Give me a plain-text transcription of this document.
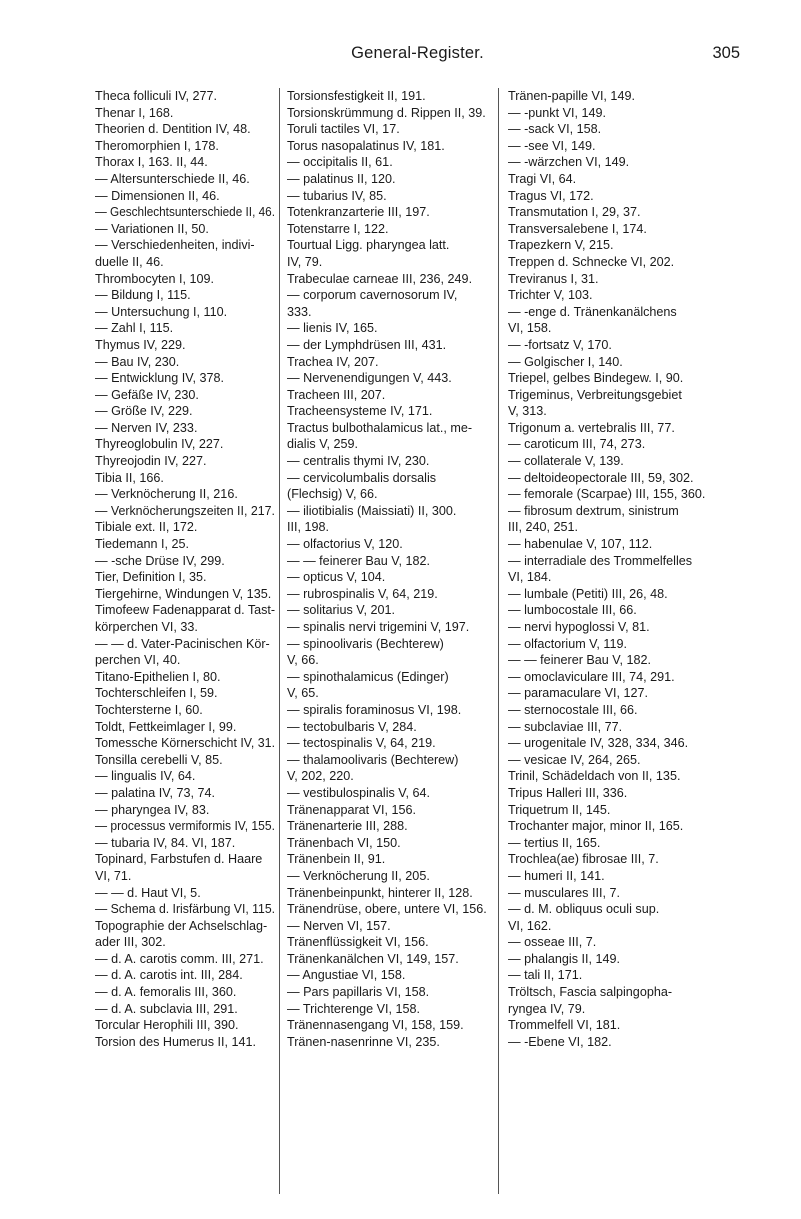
General-Register.	305
Theca folliculi IV, 277.
Thenar I, 168.
Theorien d. Dentition IV, 48.
Theromorphien I, 178.
Thorax I, 163. II, 44.
— Altersunterschiede II, 46.
— Dimensionen II, 46.
— Geschlechtsunterschiede II, 46.
— Variationen II, 50.
— Verschiedenheiten, indivi-
duelle II, 46.
Thrombocyten I, 109.
— Bildung I, 115.
— Untersuchung I, 110.
— Zahl I, 115.
Thymus IV, 229.
— Bau IV, 230.
— Entwicklung IV, 378.
— Gefäße IV, 230.
— Größe IV, 229.
— Nerven IV, 233.
Thyreoglobulin IV, 227.
Thyreojodin IV, 227.
Tibia II, 166.
— Verknöcherung II, 216.
— Verknöcherungszeiten II, 217.
Tibiale ext. II, 172.
Tiedemann I, 25.
— -sche Drüse IV, 299.
Tier, Definition I, 35.
Tiergehirne, Windungen V, 135.
Timofeew Fadenapparat d. Tast-
körperchen VI, 33.
— — d. Vater-Pacinischen Kör-
perchen VI, 40.
Titano-Epithelien I, 80.
Tochterschleifen I, 59.
Tochtersterne I, 60.
Toldt, Fettkeimlager I, 99.
Tomessche Körnerschicht IV, 31.
Tonsilla cerebelli V, 85.
— lingualis IV, 64.
— palatina IV, 73, 74.
— pharyngea IV, 83.
— processus vermiformis IV, 155.
— tubaria IV, 84. VI, 187.
Topinard, Farbstufen d. Haare
VI, 71.
— — d. Haut VI, 5.
— Schema d. Irisfärbung VI, 115.
Topographie der Achselschlag-
ader III, 302.
— d. A. carotis comm. III, 271.
— d. A. carotis int. III, 284.
— d. A. femoralis III, 360.
— d. A. subclavia III, 291.
Torcular Herophili III, 390.
Torsion des Humerus II, 141.
Torsionsfestigkeit II, 191.
Torsionskrümmung d. Rippen II, 39.
Toruli tactiles VI, 17.
Torus nasopalatinus IV, 181.
— occipitalis II, 61.
— palatinus II, 120.
— tubarius IV, 85.
Totenkranzarterie III, 197.
Totenstarre I, 122.
Tourtual Ligg. pharyngea latt.
IV, 79.
Trabeculae carneae III, 236, 249.
— corporum cavernosorum IV,
333.
— lienis IV, 165.
— der Lymphdrüsen III, 431.
Trachea IV, 207.
— Nervenendigungen V, 443.
Tracheen III, 207.
Tracheensysteme IV, 171.
Tractus bulbothalamicus lat., me-
dialis V, 259.
— centralis thymi IV, 230.
— cervicolumbalis dorsalis
(Flechsig) V, 66.
— iliotibialis (Maissiati) II, 300.
III, 198.
— olfactorius V, 120.
— — feinerer Bau V, 182.
— opticus V, 104.
— rubrospinalis V, 64, 219.
— solitarius V, 201.
— spinalis nervi trigemini V, 197.
— spinoolivaris (Bechterew)
V, 66.
— spinothalamicus (Edinger)
V, 65.
— spiralis foraminosus VI, 198.
— tectobulbaris V, 284.
— tectospinalis V, 64, 219.
— thalamoolivaris (Bechterew)
V, 202, 220.
— vestibulospinalis V, 64.
Tränenapparat VI, 156.
Tränenarterie III, 288.
Tränenbach VI, 150.
Tränenbein II, 91.
— Verknöcherung II, 205.
Tränenbeinpunkt, hinterer II, 128.
Tränendrüse, obere, untere VI, 156.
— Nerven VI, 157.
Tränenflüssigkeit VI, 156.
Tränenkanälchen VI, 149, 157.
— Angustiae VI, 158.
— Pars papillaris VI, 158.
— Trichterenge VI, 158.
Tränennasengang VI, 158, 159.
Tränen-nasenrinne VI, 235.
Tränen-papille VI, 149.
— -punkt VI, 149.
— -sack VI, 158.
— -see VI, 149.
— -wärzchen VI, 149.
Tragi VI, 64.
Tragus VI, 172.
Transmutation I, 29, 37.
Transversalebene I, 174.
Trapezkern V, 215.
Treppen d. Schnecke VI, 202.
Treviranus I, 31.
Trichter V, 103.
— -enge d. Tränenkanälchens
VI, 158.
— -fortsatz V, 170.
— Golgischer I, 140.
Triepel, gelbes Bindegew. I, 90.
Trigeminus, Verbreitungsgebiet
V, 313.
Trigonum a. vertebralis III, 77.
— caroticum III, 74, 273.
— collaterale V, 139.
— deltoideopectorale III, 59, 302.
— femorale (Scarpae) III, 155, 360.
— fibrosum dextrum, sinistrum
III, 240, 251.
— habenulae V, 107, 112.
— interradiale des Trommelfelles
VI, 184.
— lumbale (Petiti) III, 26, 48.
— lumbocostale III, 66.
— nervi hypoglossi V, 81.
— olfactorium V, 119.
— — feinerer Bau V, 182.
— omoclaviculare III, 74, 291.
— paramaculare VI, 127.
— sternocostale III, 66.
— subclaviae III, 77.
— urogenitale IV, 328, 334, 346.
— vesicae IV, 264, 265.
Trinil, Schädeldach von II, 135.
Tripus Halleri III, 336.
Triquetrum II, 145.
Trochanter major, minor II, 165.
— tertius II, 165.
Trochlea(ae) fibrosae III, 7.
— humeri II, 141.
— musculares III, 7.
— d. M. obliquus oculi sup.
VI, 162.
— osseae III, 7.
— phalangis II, 149.
— tali II, 171.
Tröltsch, Fascia salpingopha-
ryngea IV, 79.
Trommelfell VI, 181.
— -Ebene VI, 182.
